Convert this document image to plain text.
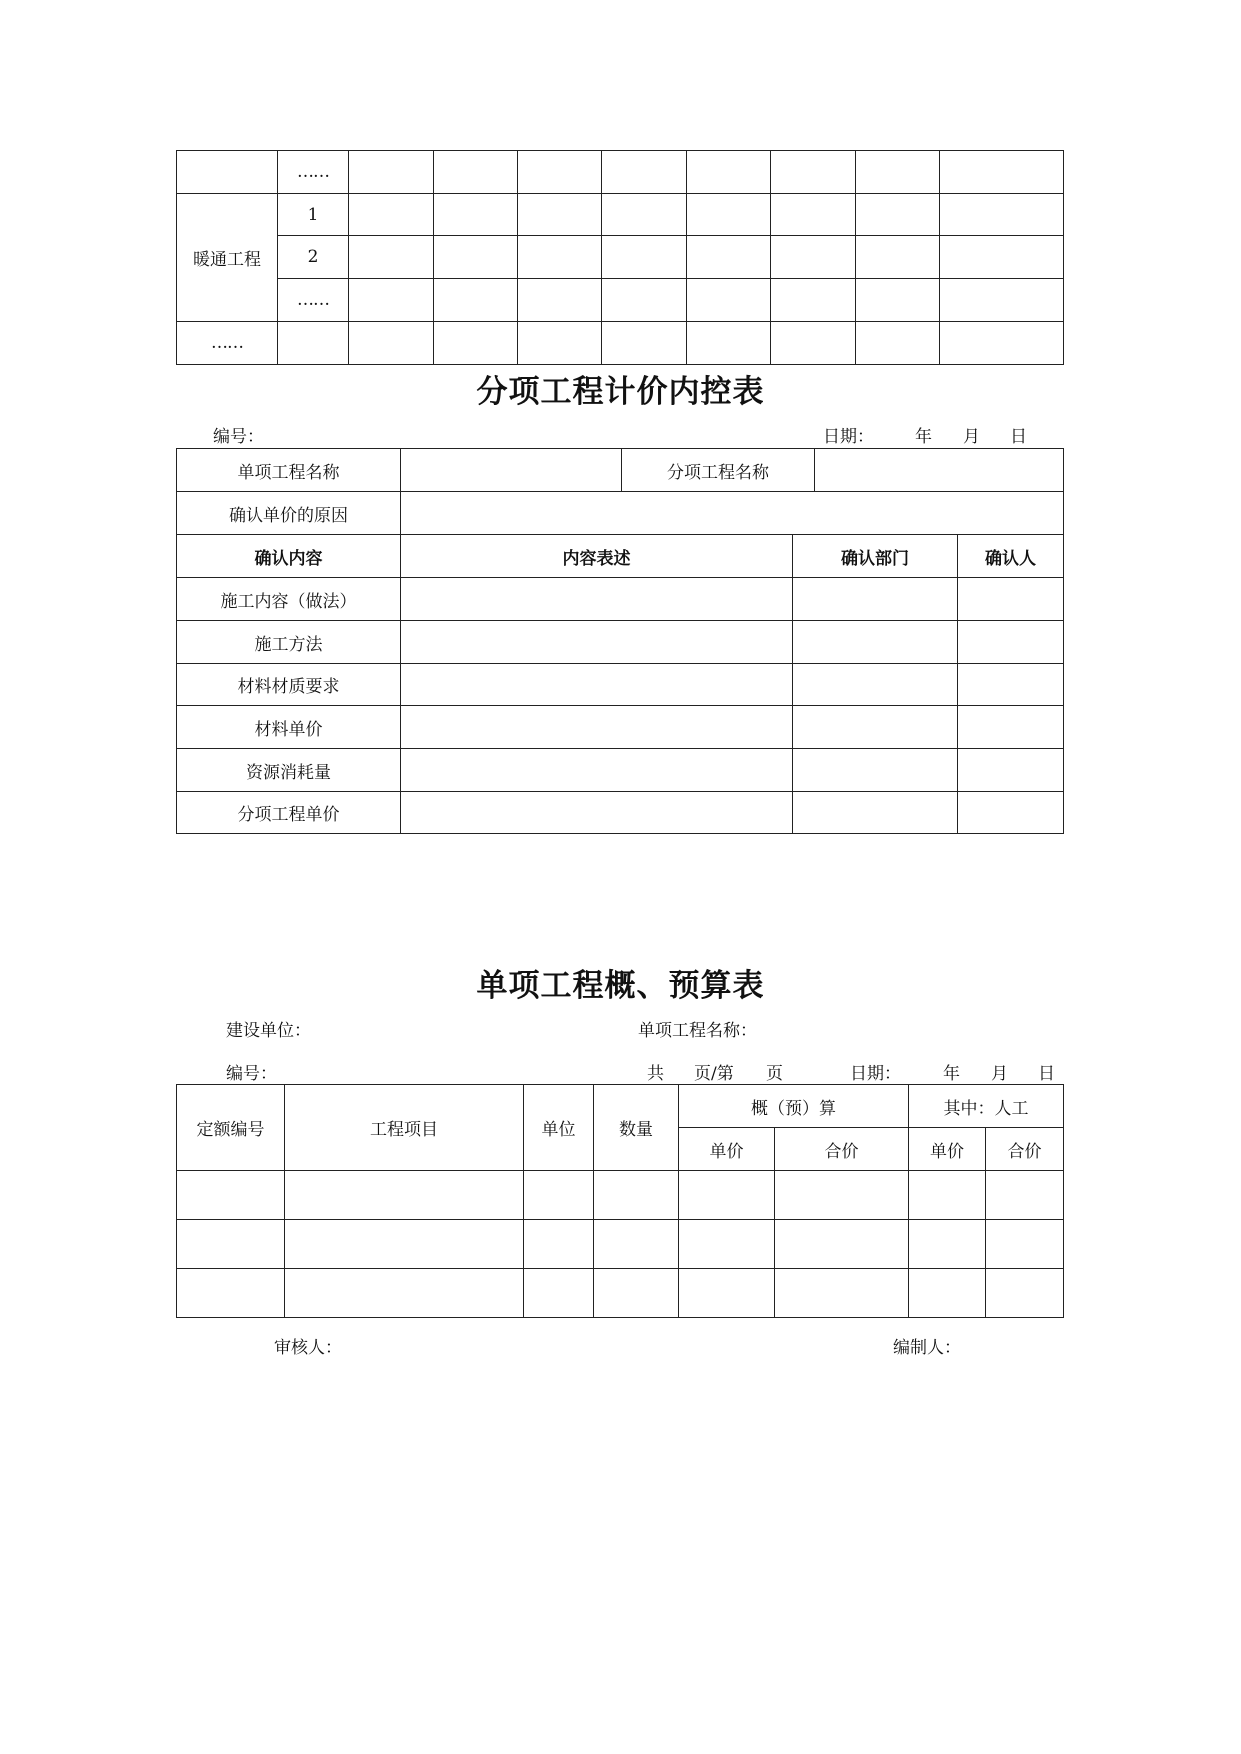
	……								
暖通工程	1								
	2								
	……								
……									
分项工程计价内控表
编号：	日期： 年 月 日
单项工程名称		分项工程名称			
确认单价的原因					
确认内容	内容表述		确认部门		确认人
施工内容（做法）					
施工方法					
材料材质要求					
材料单价					
资源消耗量					
分项工程单价					
单项工程概、预算表
建设单位：	单项工程名称：
编号：	共 页/第 页	日期： 年 月 日
定额编号	工程项目	单位	数量	概（预）算		其中：人工	
				单价	合价	单价	合价

审核人：	编制人：
